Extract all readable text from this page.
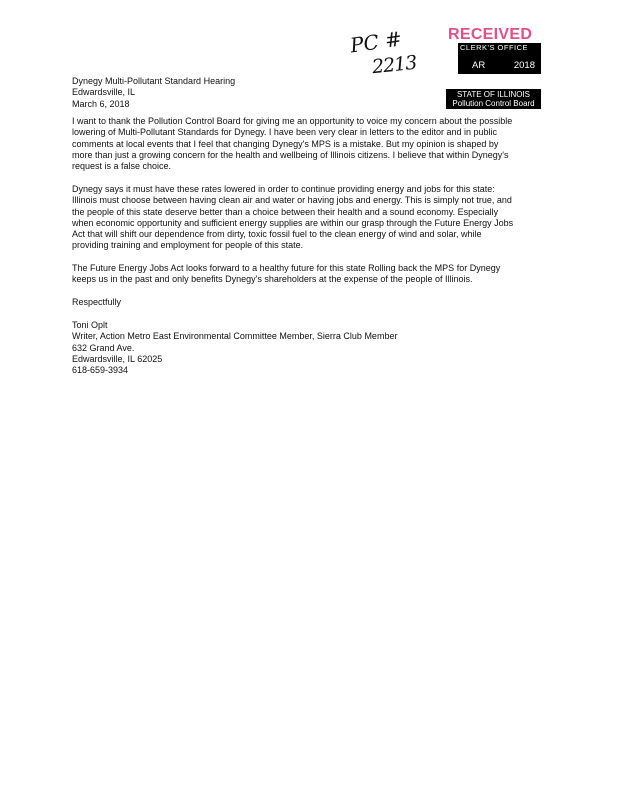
RECEIVED
CLERK'S OFFICE
AR	2018
STATE OF ILLINOIS
Pollution Control Board
PC #
2213
Dynegy Multi-Pollutant Standard Hearing
Edwardsville, IL
March 6, 2018
I want to thank the Pollution Control Board for giving me an opportunity to voice my concern about the possible
lowering of Multi-Pollutant Standards for Dynegy. I have been very clear in letters to the editor and in public
comments at local events that I feel that changing Dynegy's MPS is a mistake. But my opinion is shaped by
more than just a growing concern for the health and wellbeing of Illinois citizens. I believe that within Dynegy's
request is a false choice.
Dynegy says it must have these rates lowered in order to continue providing energy and jobs for this state:
Illinois must choose between having clean air and water or having jobs and energy. This is simply not true, and
the people of this state deserve better than a choice between their health and a sound economy. Especially
when economic opportunity and sufficient energy supplies are within our grasp through the Future Energy Jobs
Act that will shift our dependence from dirty, toxic fossil fuel to the clean energy of wind and solar, while
providing training and employment for people of this state.
The Future Energy Jobs Act looks forward to a healthy future for this state Rolling back the MPS for Dynegy
keeps us in the past and only benefits Dynegy's shareholders at the expense of the people of Illinois.
Respectfully
Toni Oplt
Writer, Action Metro East Environmental Committee Member, Sierra Club Member
632 Grand Ave.
Edwardsville, IL 62025
618-659-3934
